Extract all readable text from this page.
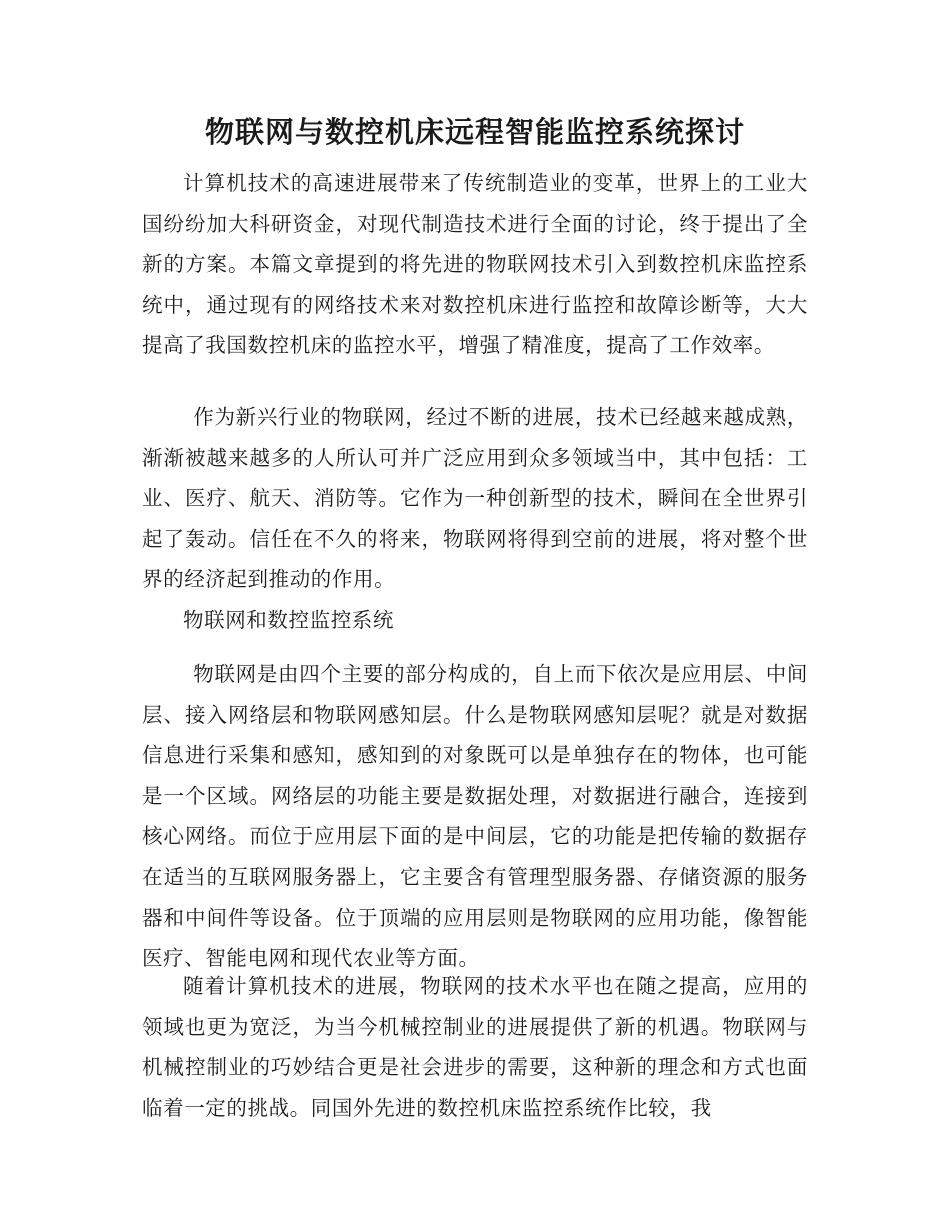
物联网与数控机床远程智能监控系统探讨

计算机技术的高速进展带来了传统制造业的变革，世界上的工业大国纷纷加大科研资金，对现代制造技术进行全面的讨论，终于提出了全新的方案。本篇文章提到的将先进的物联网技术引入到数控机床监控系统中，通过现有的网络技术来对数控机床进行监控和故障诊断等，大大提高了我国数控机床的监控水平，增强了精准度，提高了工作效率。

作为新兴行业的物联网，经过不断的进展，技术已经越来越成熟，渐渐被越来越多的人所认可并广泛应用到众多领域当中，其中包括：工业、医疗、航天、消防等。它作为一种创新型的技术，瞬间在全世界引起了轰动。信任在不久的将来，物联网将得到空前的进展，将对整个世界的经济起到推动的作用。

物联网和数控监控系统

物联网是由四个主要的部分构成的，自上而下依次是应用层、中间层、接入网络层和物联网感知层。什么是物联网感知层呢？就是对数据信息进行采集和感知，感知到的对象既可以是单独存在的物体，也可能是一个区域。网络层的功能主要是数据处理，对数据进行融合，连接到核心网络。而位于应用层下面的是中间层，它的功能是把传输的数据存在适当的互联网服务器上，它主要含有管理型服务器、存储资源的服务器和中间件等设备。位于顶端的应用层则是物联网的应用功能，像智能医疗、智能电网和现代农业等方面。

随着计算机技术的进展，物联网的技术水平也在随之提高，应用的领域也更为宽泛，为当今机械控制业的进展提供了新的机遇。物联网与机械控制业的巧妙结合更是社会进步的需要，这种新的理念和方式也面临着一定的挑战。同国外先进的数控机床监控系统作比较，我
